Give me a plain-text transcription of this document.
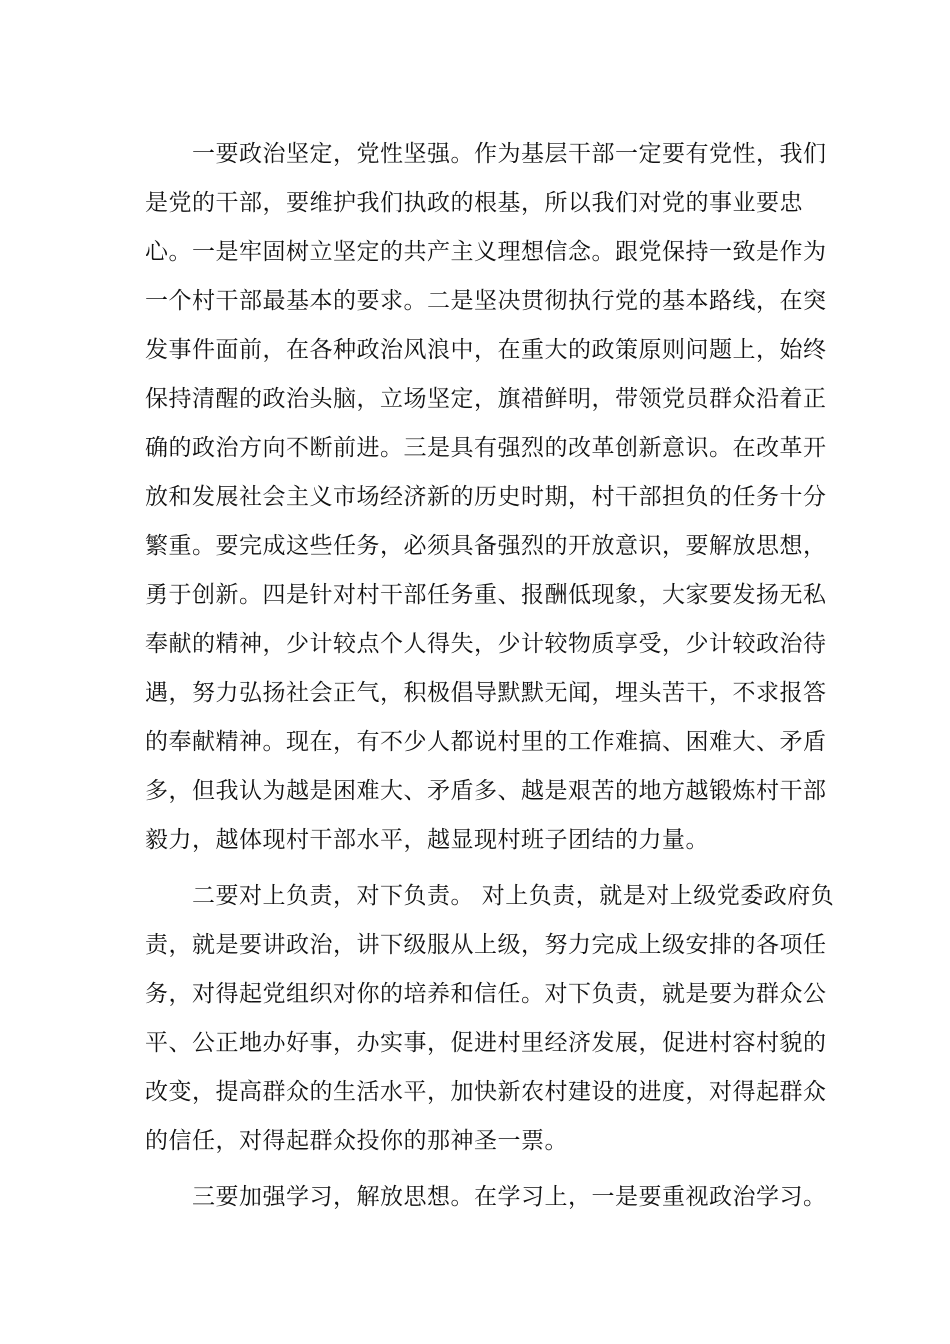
一要政治坚定，党性坚强。作为基层干部一定要有党性，我们
是党的干部，要维护我们执政的根基，所以我们对党的事业要忠
心。一是牢固树立坚定的共产主义理想信念。跟党保持一致是作为
一个村干部最基本的要求。二是坚决贯彻执行党的基本路线，在突
发事件面前，在各种政治风浪中，在重大的政策原则问题上，始终
保持清醒的政治头脑，立场坚定，旗䄍鲜明，带领党员群众沿着正
确的政治方向不断前进。三是具有强烈的改革创新意识。在改革开
放和发展社会主义市场经济新的历史时期，村干部担负的任务十分
繁重。要完成这些任务，必须具备强烈的开放意识，要解放思想，
勇于创新。四是针对村干部任务重、报酬低现象，大家要发扬无私
奉献的精神，少计较点个人得失，少计较物质享受，少计较政治待
遇，努力弘扬社会正气，积极倡导默默无闻，埋头苦干，不求报答
的奉献精神。现在，有不少人都说村里的工作难搞、困难大、矛盾
多，但我认为越是困难大、矛盾多、越是艰苦的地方越锻炼村干部
毅力，越体现村干部水平，越显现村班子团结的力量。
二要对上负责，对下负责。 对上负责，就是对上级党委政府负
责，就是要讲政治，讲下级服从上级，努力完成上级安排的各项任
务，对得起党组织对你的培养和信任。对下负责，就是要为群众公
平、公正地办好事，办实事，促进村里经济发展，促进村容村貌的
改变，提高群众的生活水平，加快新农村建设的进度，对得起群众
的信任，对得起群众投你的那神圣一票。
三要加强学习，解放思想。在学习上，一是要重视政治学习。
